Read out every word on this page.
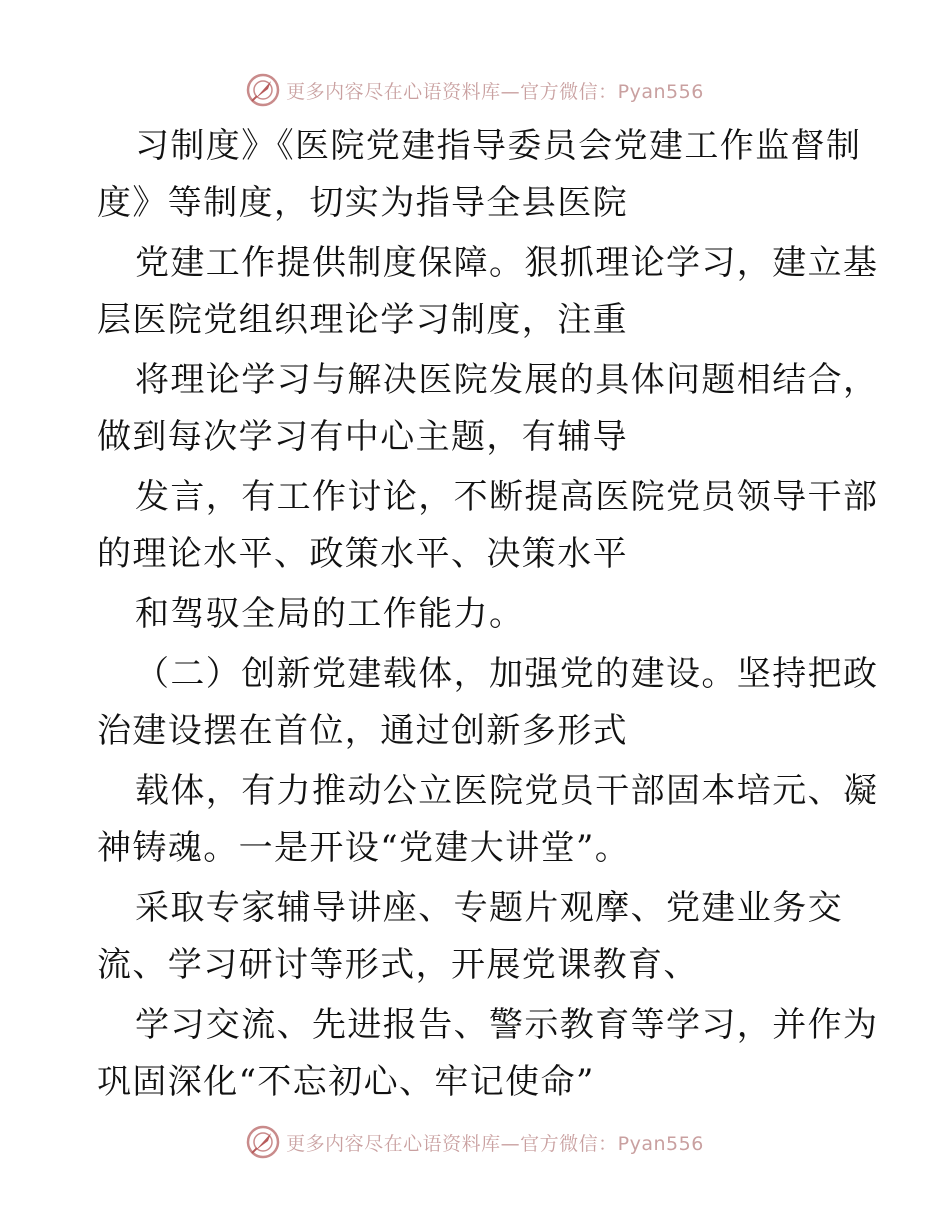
更多内容尽在心语资料库—官方微信：Pyan556
习制度》《医院党建指导委员会党建工作监督制
度》等制度，切实为指导全县医院
党建工作提供制度保障。狠抓理论学习，建立基
层医院党组织理论学习制度，注重
将理论学习与解决医院发展的具体问题相结合，
做到每次学习有中心主题，有辅导
发言，有工作讨论，不断提高医院党员领导干部
的理论水平、政策水平、决策水平
和驾驭全局的工作能力。
（二）创新党建载体，加强党的建设。坚持把政
治建设摆在首位，通过创新多形式
载体，有力推动公立医院党员干部固本培元、凝
神铸魂。一是开设“党建大讲堂”。
采取专家辅导讲座、专题片观摩、党建业务交
流、学习研讨等形式，开展党课教育、
学习交流、先进报告、警示教育等学习，并作为
巩固深化“不忘初心、牢记使命”
更多内容尽在心语资料库—官方微信：Pyan556
